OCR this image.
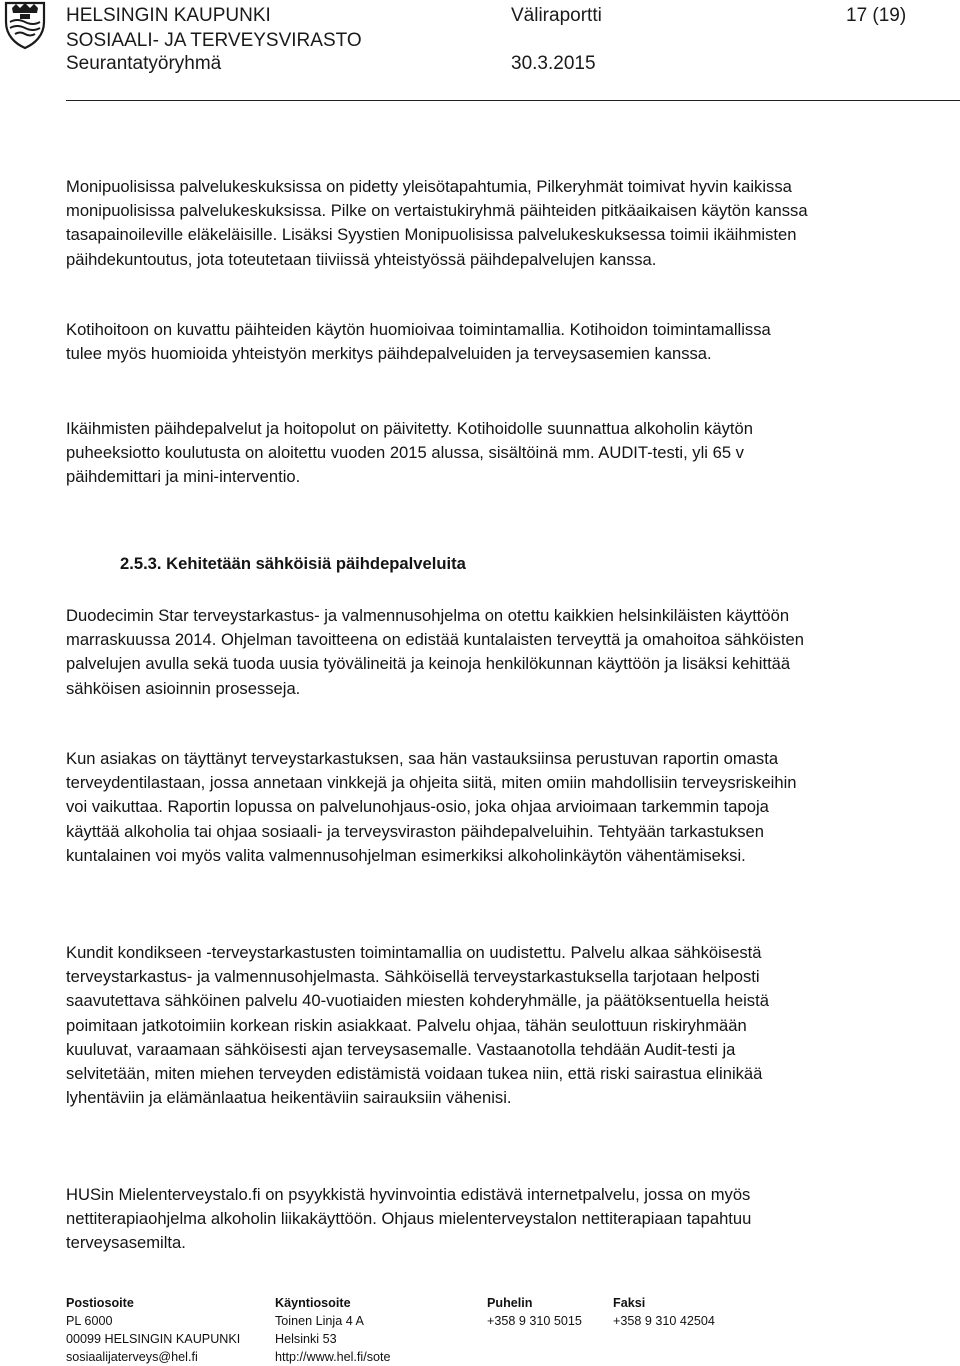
HELSINGIN KAUPUNKI
SOSIAALI- JA TERVEYSVIRASTO
Seurantatyöryhmä
Väliraportti
30.3.2015
17 (19)

Monipuolisissa palvelukeskuksissa on pidetty yleisötapahtumia, Pilkeryhmät toimivat hyvin kaikissa monipuolisissa palvelukeskuksissa. Pilke on vertaistukiryhmä päihteiden pitkäaikaisen käytön kanssa tasapainoileville eläkeläisille. Lisäksi Syystien Monipuolisissa palvelukeskuksessa toimii ikäihmisten päihdekuntoutus, jota toteutetaan tiiviissä yhteistyössä päihdepalvelujen kanssa.

Kotihoitoon on kuvattu päihteiden käytön huomioivaa toimintamallia. Kotihoidon toimintamallissa tulee myös huomioida yhteistyön merkitys päihdepalveluiden ja terveysasemien kanssa.

Ikäihmisten päihdepalvelut ja hoitopolut on päivitetty. Kotihoidolle suunnattua alkoholin käytön puheeksiotto koulutusta on aloitettu vuoden 2015 alussa, sisältöinä mm. AUDIT-testi, yli 65 v päihdemittari ja mini-interventio.

2.5.3. Kehitetään sähköisiä päihdepalveluita

Duodecimin Star terveystarkastus- ja valmennusohjelma on otettu kaikkien helsinkiläisten käyttöön marraskuussa 2014. Ohjelman tavoitteena on edistää kuntalaisten terveyttä ja omahoitoa sähköisten palvelujen avulla sekä tuoda uusia työvälineitä ja keinoja henkilökunnan käyttöön ja lisäksi kehittää sähköisen asioinnin prosesseja.

Kun asiakas on täyttänyt terveystarkastuksen, saa hän vastauksiinsa perustuvan raportin omasta terveydentilastaan, jossa annetaan vinkkejä ja ohjeita siitä, miten omiin mahdollisiin terveysriskeihin voi vaikuttaa. Raportin lopussa on palvelunohjaus-osio, joka ohjaa arvioimaan tarkemmin tapoja käyttää alkoholia tai ohjaa sosiaali- ja terveysviraston päihdepalveluihin. Tehtyään tarkastuksen kuntalainen voi myös valita valmennusohjelman esimerkiksi alkoholinkäytön vähentämiseksi.

Kundit kondikseen -terveystarkastusten toimintamallia on uudistettu. Palvelu alkaa sähköisestä terveystarkastus- ja valmennusohjelmasta. Sähköisellä terveystarkastuksella tarjotaan helposti saavutettava sähköinen palvelu 40-vuotiaiden miesten kohderyhmälle, ja päätöksentuella heistä poimitaan jatkotoimiin korkean riskin asiakkaat. Palvelu ohjaa, tähän seulottuun riskiryhmään kuuluvat, varaamaan sähköisesti ajan terveysasemalle. Vastaanotolla tehdään Audit-testi ja selvitetään, miten miehen terveyden edistämistä voidaan tukea niin, että riski sairastua elinikää lyhentäviin ja elämänlaatua heikentäviin sairauksiin vähenisi.

HUSin Mielenterveystalo.fi on psyykkistä hyvinvointia edistävä internetpalvelu, jossa on myös nettiterapiaohjelma alkoholin liikakäyttöön. Ohjaus mielenterveystalon nettiterapiaan tapahtuu terveysasemilta.

Postiosoite
PL 6000
00099 HELSINGIN KAUPUNKI
sosiaalijaterveys@hel.fi
Käyntiosoite
Toinen Linja 4 A
Helsinki 53
http://www.hel.fi/sote
Puhelin
+358 9 310 5015
Faksi
+358 9 310 42504
